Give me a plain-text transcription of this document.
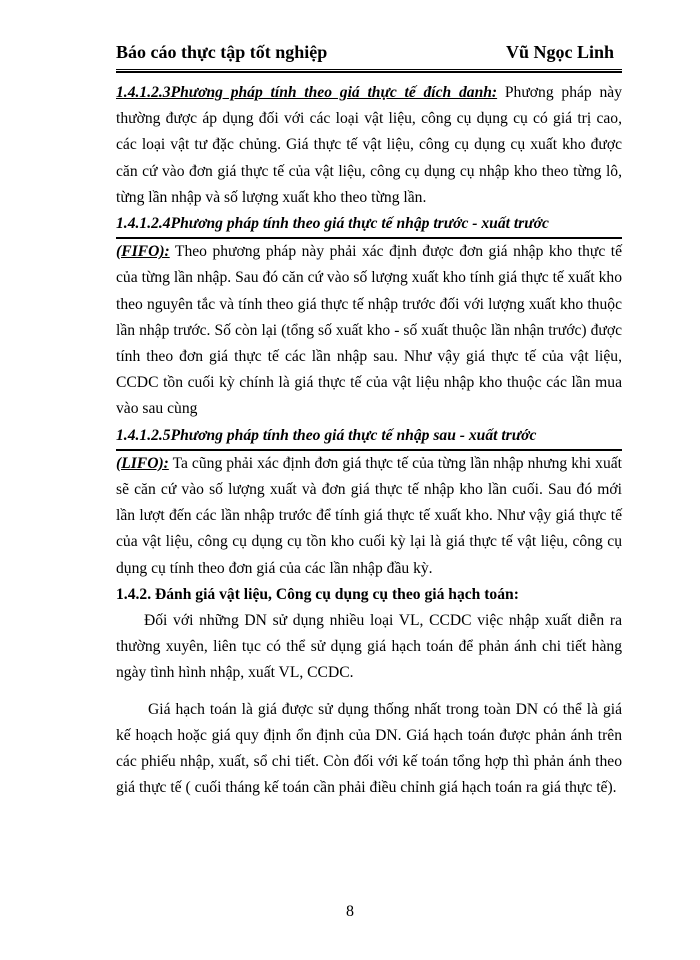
Báo cáo thực tập tốt nghiệp	Vũ Ngọc Linh

1.4.1.2.3Phương pháp tính theo giá thực tế đích danh: Phương pháp này thường được áp dụng đối với các loại vật liệu, công cụ dụng cụ có giá trị cao, các loại vật tư đặc chủng. Giá thực tế vật liệu, công cụ dụng cụ xuất kho được căn cứ vào đơn giá thực tế của vật liệu, công cụ dụng cụ nhập kho theo từng lô, từng lần nhập và số lượng xuất kho theo từng lần.

1.4.1.2.4Phương pháp tính theo giá thực tế nhập trước - xuất trước

(FIFO): Theo phương pháp này phải xác định được đơn giá nhập kho thực tế của từng lần nhập. Sau đó căn cứ vào số lượng xuất kho tính giá thực tế xuất kho theo nguyên tắc và tính theo giá thực tế nhập trước đối với lượng xuất kho thuộc lần nhập trước. Số còn lại (tổng số xuất kho - số xuất thuộc lần nhận trước) được tính theo đơn giá thực tế các lần nhập sau. Như vậy giá thực tế của vật liệu, CCDC tồn cuối kỳ chính là giá thực tế của vật liệu nhập kho thuộc các lần mua vào sau cùng

1.4.1.2.5Phương pháp tính theo giá thực tế nhập sau - xuất trước

(LIFO): Ta cũng phải xác định đơn giá thực tế của từng lần nhập nhưng khi xuất sẽ căn cứ vào số lượng xuất và đơn giá thực tế nhập kho lần cuối. Sau đó mới lần lượt đến các lần nhập trước để tính giá thực tế xuất kho. Như vậy giá thực tế của vật liệu, công cụ dụng cụ tồn kho cuối kỳ lại là giá thực tế vật liệu, công cụ dụng cụ tính theo đơn giá của các lần nhập đầu kỳ.

1.4.2. Đánh giá vật liệu, Công cụ dụng cụ theo giá hạch toán:

Đối với những DN sử dụng nhiều loại VL, CCDC việc nhập xuất diễn ra thường xuyên, liên tục có thể sử dụng giá hạch toán để phản ánh chi tiết hàng ngày tình hình nhập, xuất VL, CCDC.

Giá hạch toán là giá được sử dụng thống nhất trong toàn DN có thể là giá kế hoạch hoặc giá quy định ổn định của DN. Giá hạch toán được phản ánh trên các phiếu nhập, xuất, sổ chi tiết. Còn đối với kế toán tổng hợp thì phản ánh theo giá thực tế ( cuối tháng kế toán cần phải điều chỉnh giá hạch toán ra giá thực tế).

8
